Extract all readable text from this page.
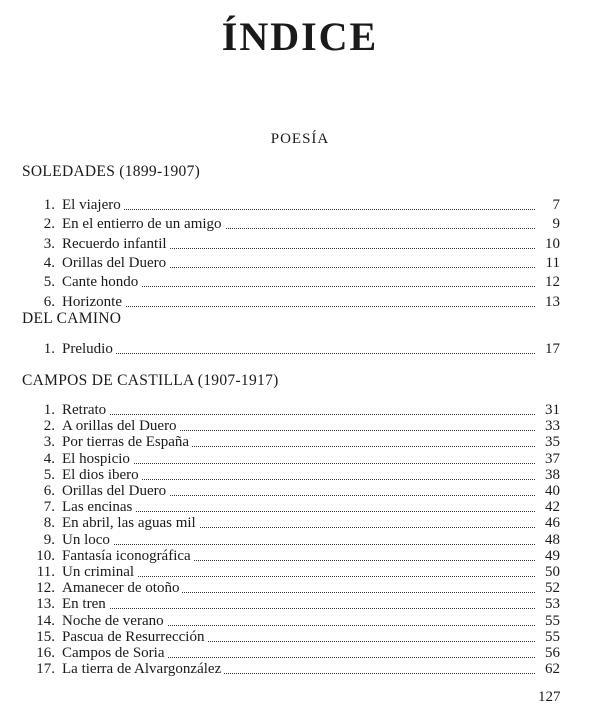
ÍNDICE
POESÍA
SOLEDADES (1899-1907)
1. El viajero	7
2. En el entierro de un amigo	9
3. Recuerdo infantil	10
4. Orillas del Duero	11
5. Cante hondo	12
6. Horizonte	13
DEL CAMINO
1. Preludio	17
CAMPOS DE CASTILLA (1907-1917)
1. Retrato	31
2. A orillas del Duero	33
3. Por tierras de España	35
4. El hospicio	37
5. El dios ibero	38
6. Orillas del Duero	40
7. Las encinas	42
8. En abril, las aguas mil	46
9. Un loco	48
10. Fantasía iconográfica	49
11. Un criminal	50
12. Amanecer de otoño	52
13. En tren	53
14. Noche de verano	55
15. Pascua de Resurrección	55
16. Campos de Soria	56
17. La tierra de Alvargonzález	62
127
